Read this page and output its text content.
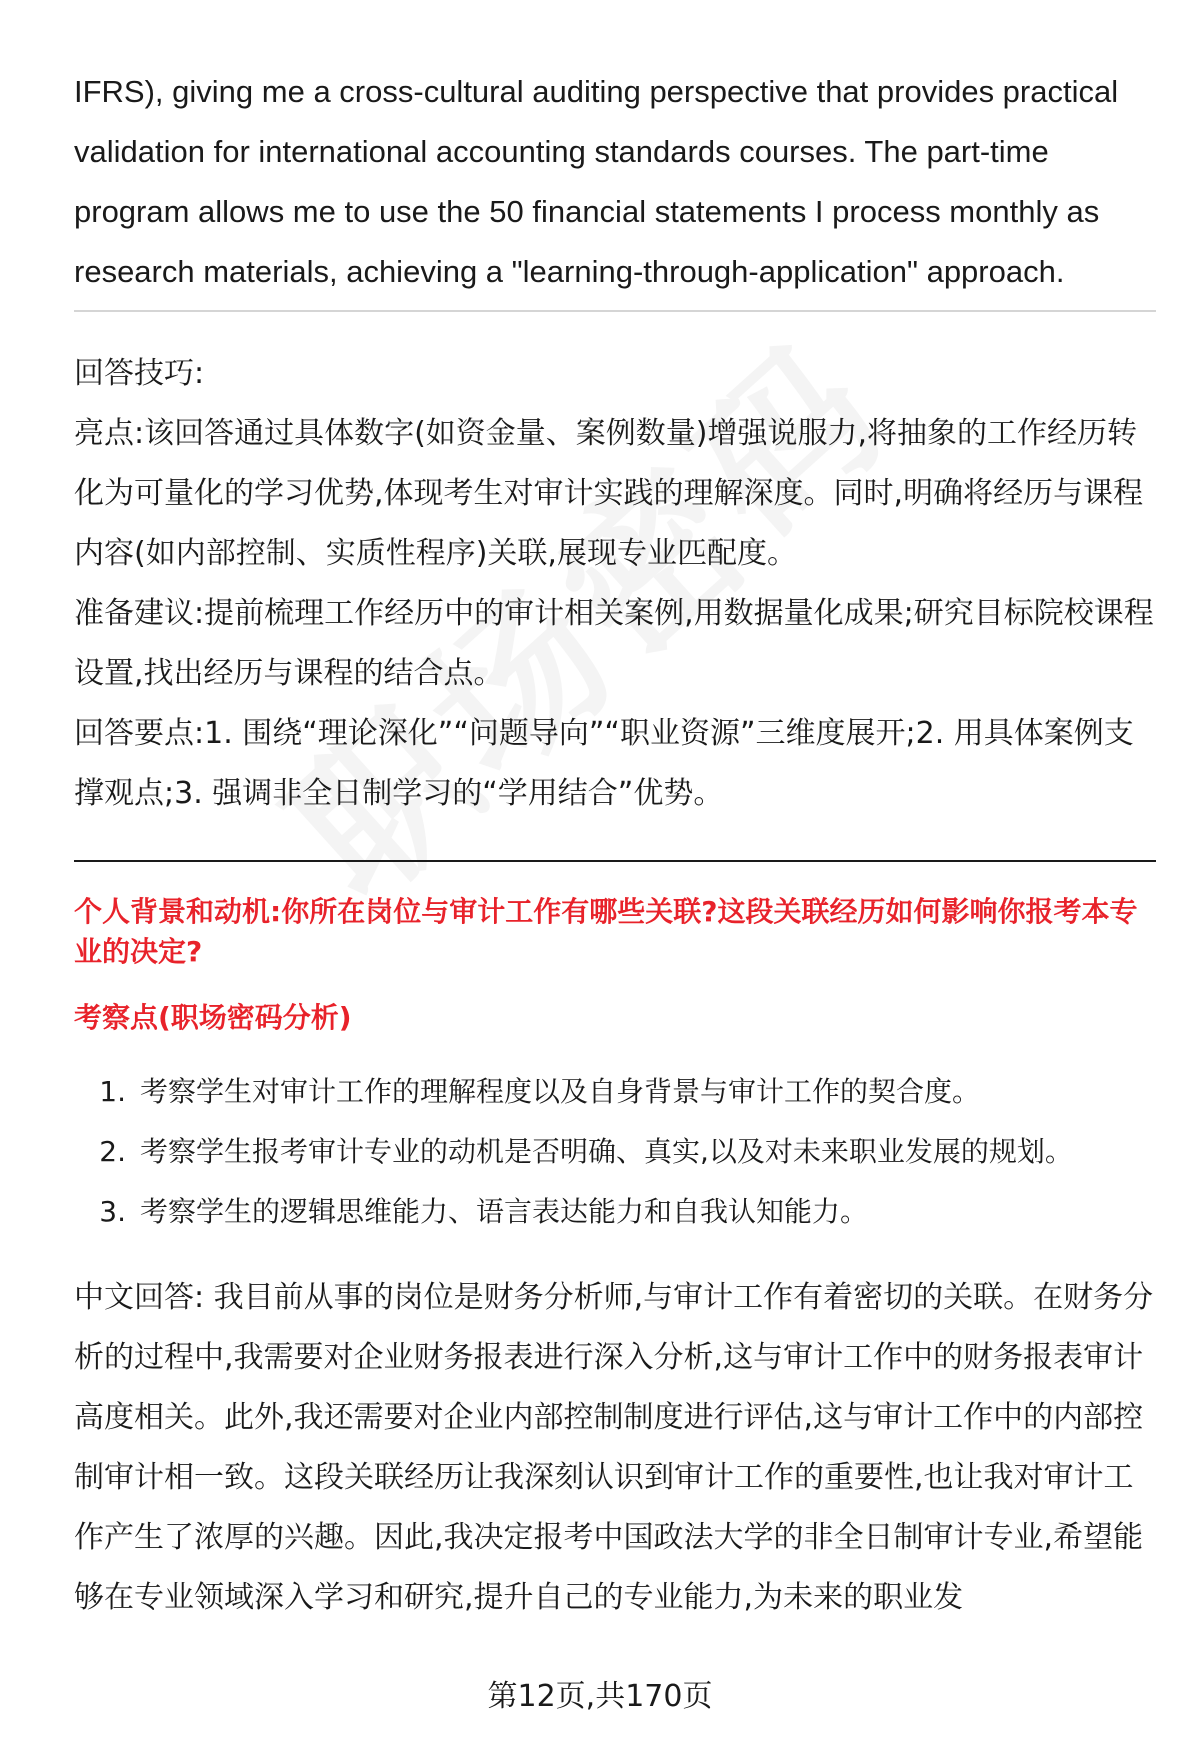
IFRS), giving me a cross-cultural auditing perspective that provides practical validation for international accounting standards courses. The part-time program allows me to use the 50 financial statements I process monthly as research materials, achieving a "learning-through-application" approach.

回答技巧:

亮点:该回答通过具体数字(如资金量、案例数量)增强说服力,将抽象的工作经历转化为可量化的学习优势,体现考生对审计实践的理解深度。同时,明确将经历与课程内容(如内部控制、实质性程序)关联,展现专业匹配度。

准备建议:提前梳理工作经历中的审计相关案例,用数据量化成果;研究目标院校课程设置,找出经历与课程的结合点。

回答要点:1. 围绕“理论深化”“问题导向”“职业资源”三维度展开;2. 用具体案例支撑观点;3. 强调非全日制学习的“学用结合”优势。

个人背景和动机:你所在岗位与审计工作有哪些关联?这段关联经历如何影响你报考本专业的决定?

考察点(职场密码分析)

1. 考察学生对审计工作的理解程度以及自身背景与审计工作的契合度。
2. 考察学生报考审计专业的动机是否明确、真实,以及对未来职业发展的规划。
3. 考察学生的逻辑思维能力、语言表达能力和自我认知能力。

中文回答: 我目前从事的岗位是财务分析师,与审计工作有着密切的关联。在财务分析的过程中,我需要对企业财务报表进行深入分析,这与审计工作中的财务报表审计高度相关。此外,我还需要对企业内部控制制度进行评估,这与审计工作中的内部控制审计相一致。这段关联经历让我深刻认识到审计工作的重要性,也让我对审计工作产生了浓厚的兴趣。因此,我决定报考中国政法大学的非全日制审计专业,希望能够在专业领域深入学习和研究,提升自己的专业能力,为未来的职业发

第12页,共170页
